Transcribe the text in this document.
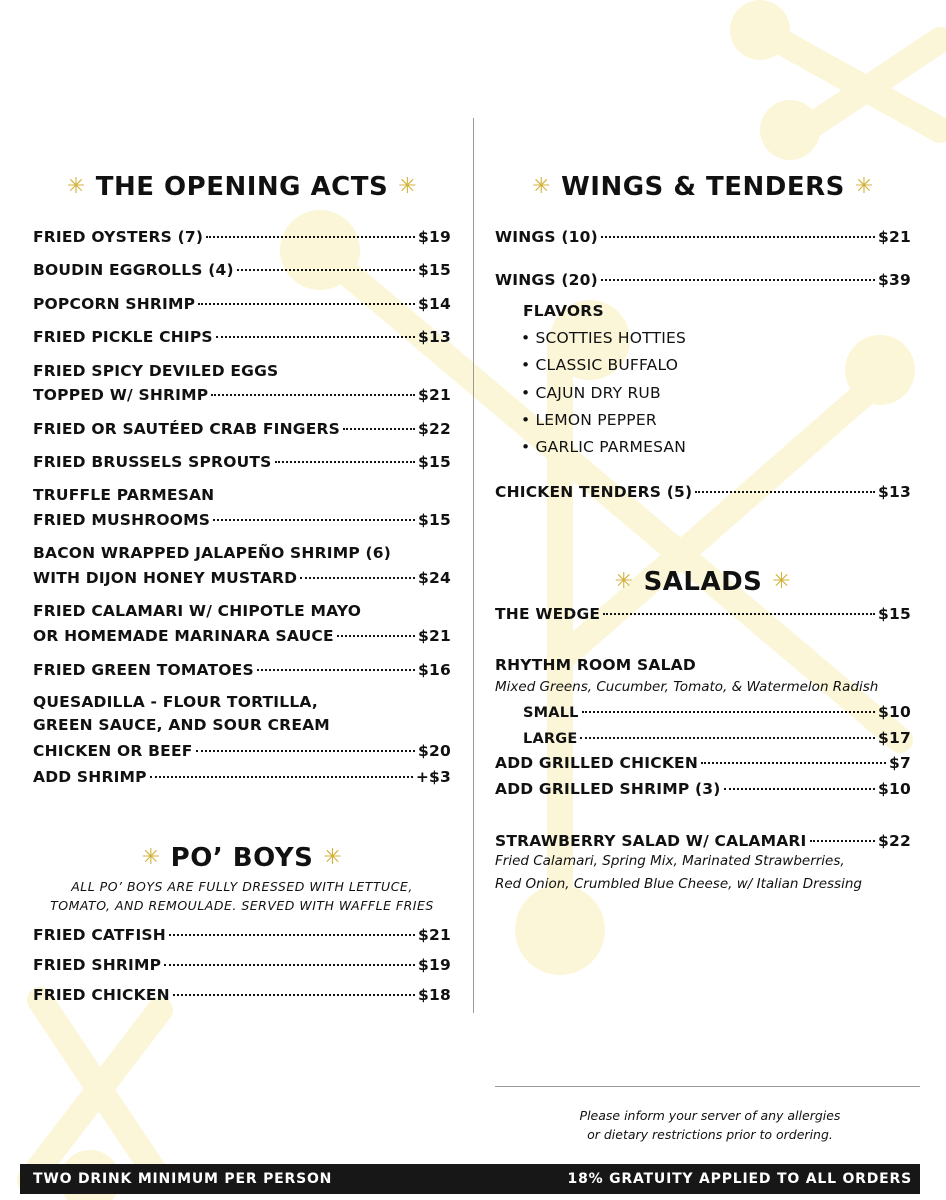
✳ THE OPENING ACTS ✳
FRIED OYSTERS (7)	$19
BOUDIN EGGROLLS (4)	$15
POPCORN SHRIMP	$14
FRIED PICKLE CHIPS	$13
FRIED SPICY DEVILED EGGS
TOPPED W/ SHRIMP	$21
FRIED OR SAUTÉED CRAB FINGERS	$22
FRIED BRUSSELS SPROUTS	$15
TRUFFLE PARMESAN
FRIED MUSHROOMS	$15
BACON WRAPPED JALAPEÑO SHRIMP (6)
WITH DIJON HONEY MUSTARD	$24
FRIED CALAMARI W/ CHIPOTLE MAYO
OR HOMEMADE MARINARA SAUCE	$21
FRIED GREEN TOMATOES	$16
QUESADILLA - FLOUR TORTILLA,
GREEN SAUCE, AND SOUR CREAM
CHICKEN OR BEEF	$20
ADD SHRIMP	+$3
✳ PO’ BOYS ✳
ALL PO’ BOYS ARE FULLY DRESSED WITH LETTUCE,
TOMATO, AND REMOULADE. SERVED WITH WAFFLE FRIES
FRIED CATFISH	$21
FRIED SHRIMP	$19
FRIED CHICKEN	$18
✳ WINGS & TENDERS ✳
WINGS (10)	$21
WINGS (20)	$39
FLAVORS
• SCOTTIES HOTTIES
• CLASSIC BUFFALO
• CAJUN DRY RUB
• LEMON PEPPER
• GARLIC PARMESAN
CHICKEN TENDERS (5)	$13
✳ SALADS ✳
THE WEDGE	$15
RHYTHM ROOM SALAD
Mixed Greens, Cucumber, Tomato, & Watermelon Radish
SMALL	$10
LARGE	$17
ADD GRILLED CHICKEN	$7
ADD GRILLED SHRIMP (3)	$10
STRAWBERRY SALAD W/ CALAMARI	$22
Fried Calamari, Spring Mix, Marinated Strawberries,
Red Onion, Crumbled Blue Cheese, w/ Italian Dressing
Please inform your server of any allergies
or dietary restrictions prior to ordering.
TWO DRINK MINIMUM PER PERSON	18% GRATUITY APPLIED TO ALL ORDERS
